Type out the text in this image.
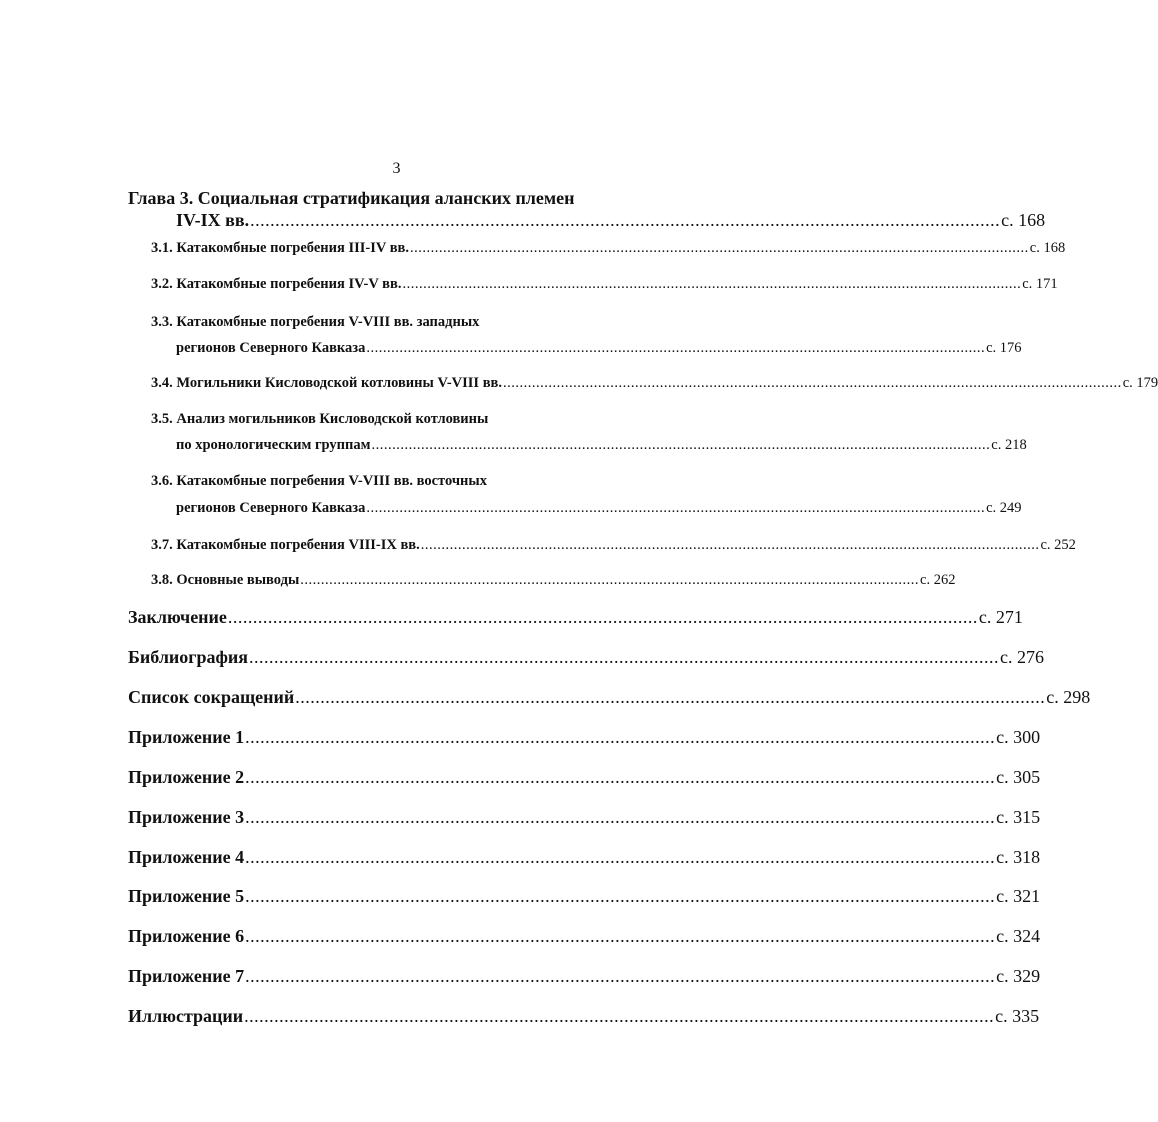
3
Глава 3. Социальная стратификация аланских племен
IV-IX вв. ...................................................................................................................................................... с. 168
3.1. Катакомбные погребения III-IV вв. ...................................................................................................................................................... с. 168
3.2. Катакомбные погребения IV-V вв. ...................................................................................................................................................... с. 171
3.3. Катакомбные погребения V-VIII вв. западных
регионов Северного Кавказа ...................................................................................................................................................... с. 176
3.4. Могильники Кисловодской котловины V-VIII вв. ...................................................................................................................................................... с. 179
3.5. Анализ могильников Кисловодской котловины
по хронологическим группам ...................................................................................................................................................... с. 218
3.6. Катакомбные погребения V-VIII вв. восточных
регионов Северного Кавказа ...................................................................................................................................................... с. 249
3.7. Катакомбные погребения VIII-IX вв. ...................................................................................................................................................... с. 252
3.8. Основные выводы ...................................................................................................................................................... с. 262
Заключение ...................................................................................................................................................... с. 271
Библиография ...................................................................................................................................................... с. 276
Список сокращений ...................................................................................................................................................... с. 298
Приложение 1 ...................................................................................................................................................... с. 300
Приложение 2 ...................................................................................................................................................... с. 305
Приложение 3 ...................................................................................................................................................... с. 315
Приложение 4 ...................................................................................................................................................... с. 318
Приложение 5 ...................................................................................................................................................... с. 321
Приложение 6 ...................................................................................................................................................... с. 324
Приложение 7 ...................................................................................................................................................... с. 329
Иллюстрации ...................................................................................................................................................... с. 335
